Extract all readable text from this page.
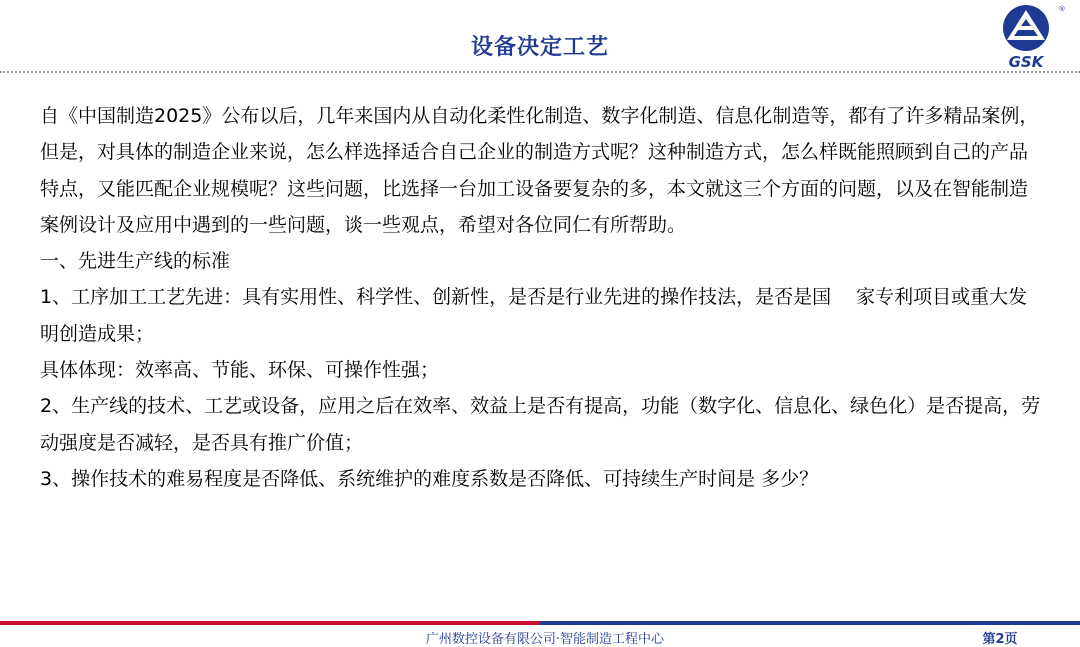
设备决定工艺
GSK
®

自《中国制造2025》公布以后，几年来国内从自动化柔性化制造、数字化制造、信息化制造等，都有了许多精品案例，但是，对具体的制造企业来说，怎么样选择适合自己企业的制造方式呢？这种制造方式，怎么样既能照顾到自己的产品特点，又能匹配企业规模呢？这些问题，比选择一台加工设备要复杂的多，本文就这三个方面的问题，以及在智能制造案例设计及应用中遇到的一些问题，谈一些观点，希望对各位同仁有所帮助。

一、先进生产线的标准

1、工序加工工艺先进：具有实用性、科学性、创新性，是否是行业先进的操作技法，是否是国　 家专利项目或重大发明创造成果；

具体体现：效率高、节能、环保、可操作性强；

2、生产线的技术、工艺或设备，应用之后在效率、效益上是否有提高，功能（数字化、信息化、绿色化）是否提高，劳动强度是否减轻，是否具有推广价值；

3、操作技术的难易程度是否降低、系统维护的难度系数是否降低、可持续生产时间是 多少？

广州数控设备有限公司·智能制造工程中心	第2页
